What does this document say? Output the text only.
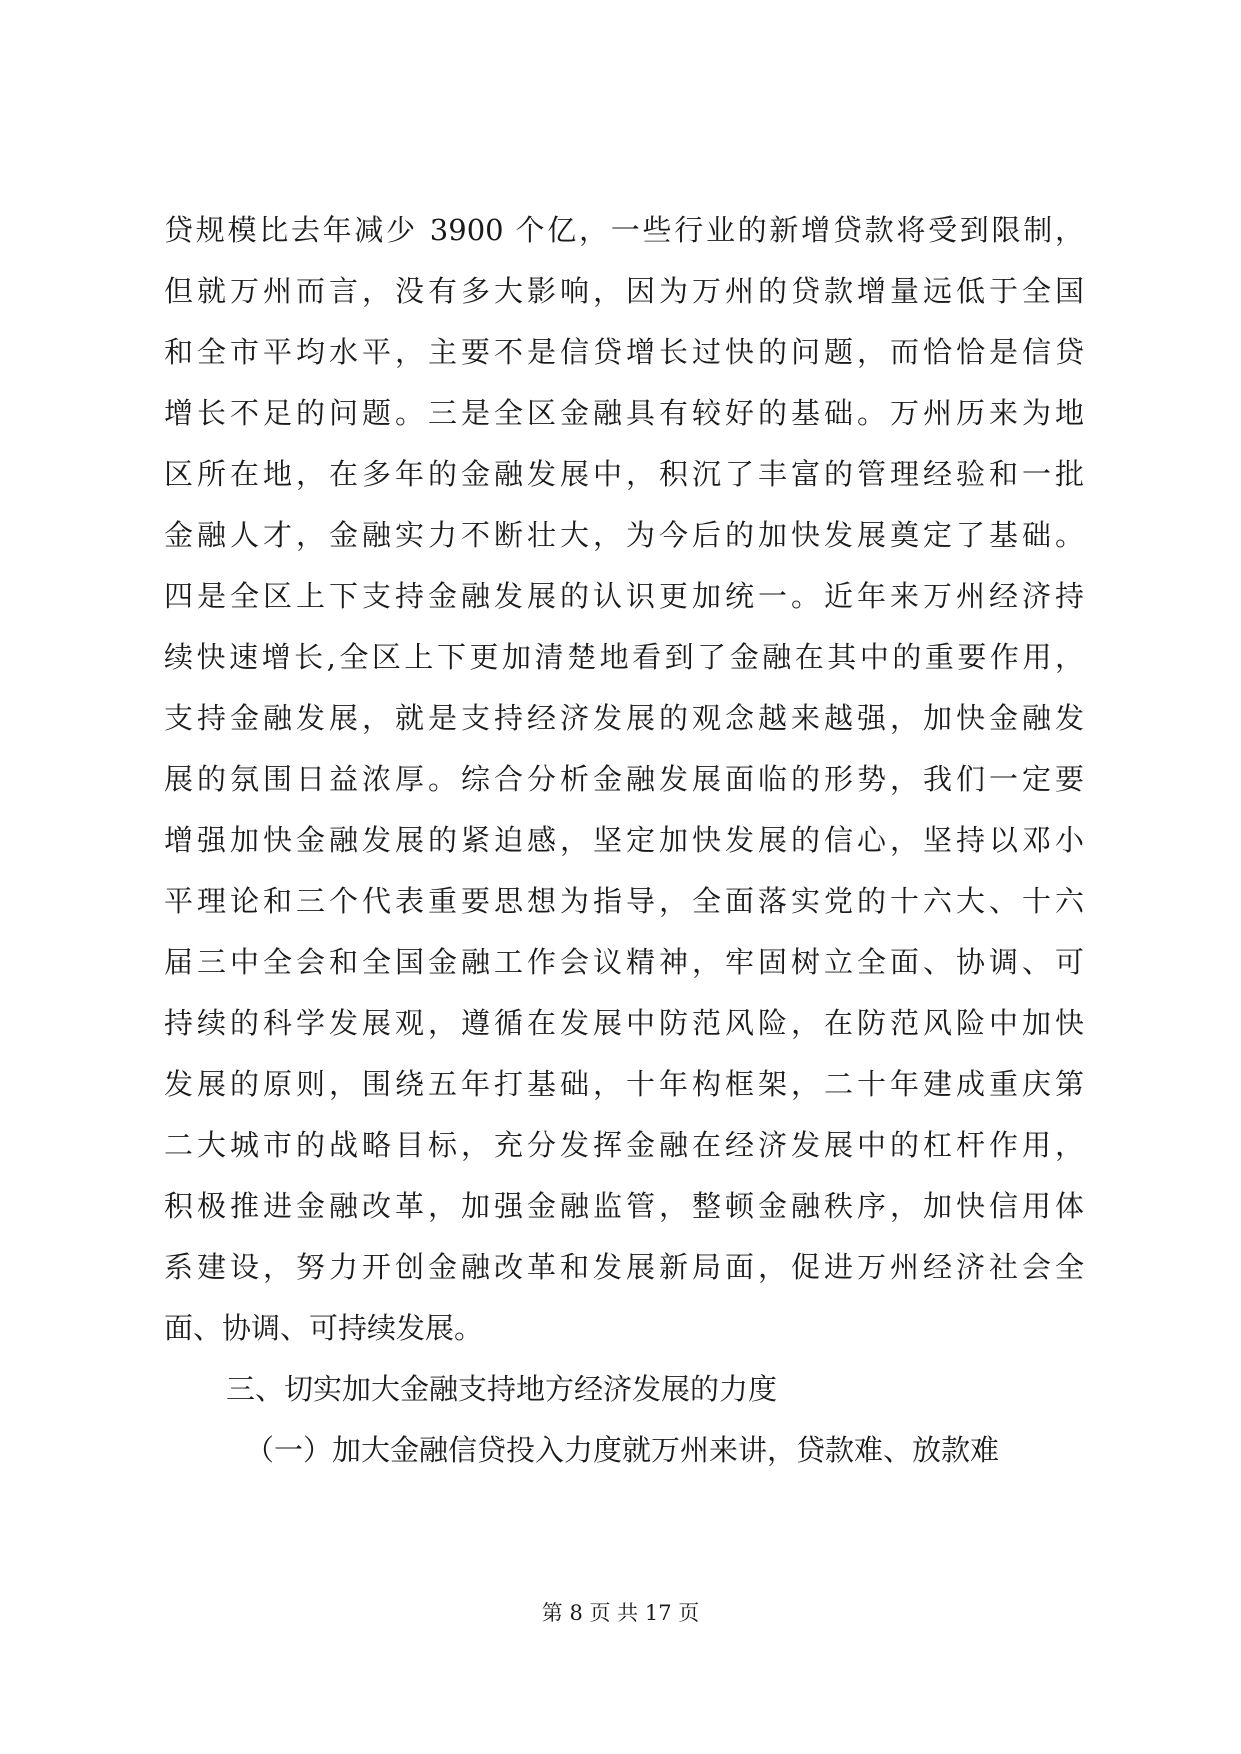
贷规模比去年减少 3900 个亿，一些行业的新增贷款将受到限制，
但就万州而言，没有多大影响，因为万州的贷款增量远低于全国
和全市平均水平，主要不是信贷增长过快的问题，而恰恰是信贷
增长不足的问题。三是全区金融具有较好的基础。万州历来为地
区所在地，在多年的金融发展中，积沉了丰富的管理经验和一批
金融人才，金融实力不断壮大，为今后的加快发展奠定了基础。
四是全区上下支持金融发展的认识更加统一。近年来万州经济持
续快速增长,全区上下更加清楚地看到了金融在其中的重要作用，
支持金融发展，就是支持经济发展的观念越来越强，加快金融发
展的氛围日益浓厚。综合分析金融发展面临的形势，我们一定要
增强加快金融发展的紧迫感，坚定加快发展的信心，坚持以邓小
平理论和三个代表重要思想为指导，全面落实党的十六大、十六
届三中全会和全国金融工作会议精神，牢固树立全面、协调、可
持续的科学发展观，遵循在发展中防范风险，在防范风险中加快
发展的原则，围绕五年打基础，十年构框架，二十年建成重庆第
二大城市的战略目标，充分发挥金融在经济发展中的杠杆作用，
积极推进金融改革，加强金融监管，整顿金融秩序，加快信用体
系建设，努力开创金融改革和发展新局面，促进万州经济社会全
面、协调、可持续发展。
三、切实加大金融支持地方经济发展的力度
（一）加大金融信贷投入力度就万州来讲，贷款难、放款难
第 8 页 共 17 页
